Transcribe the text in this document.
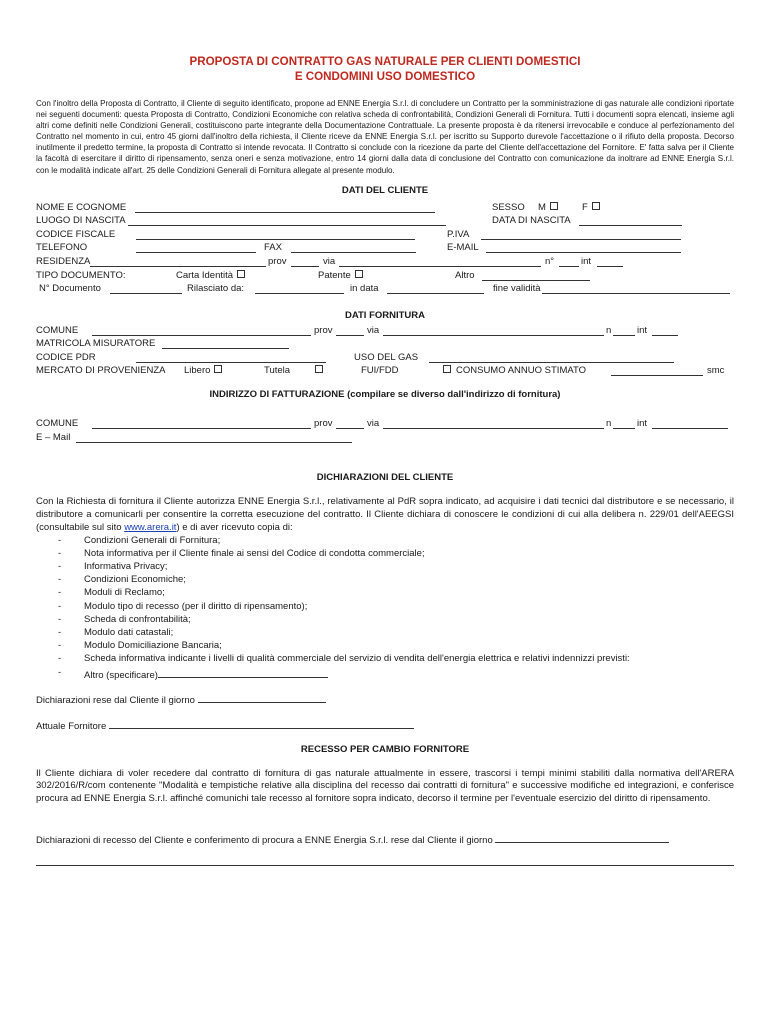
PROPOSTA DI CONTRATTO GAS NATURALE PER CLIENTI DOMESTICI
E CONDOMINI USO DOMESTICO
Con l'inoltro della Proposta di Contratto, il Cliente di seguito identificato, propone ad ENNE Energia S.r.l. di concludere un Contratto per la somministrazione di gas naturale alle condizioni riportate nei seguenti documenti: questa Proposta di Contratto, Condizioni Economiche con relativa scheda di confrontabilità, Condizioni Generali di Fornitura. Tutti i documenti sopra elencati, insieme agli altri come definiti nelle Condizioni Generali, costituiscono parte integrante della Documentazione Contrattuale. La presente proposta è da ritenersi irrevocabile e conduce al perfezionamento del Contratto nel momento in cui, entro 45 giorni dall'inoltro della richiesta, il Cliente riceve da ENNE Energia S.r.l. per iscritto su Supporto durevole l'accettazione o il rifiuto della proposta. Decorso inutilmente il predetto termine, la proposta di Contratto si intende revocata. Il Contratto si conclude con la ricezione da parte del Cliente dell'accettazione del Fornitore. E' fatta salva per il Cliente la facoltà di esercitare il diritto di ripensamento, senza oneri e senza motivazione, entro 14 giorni dalla data di conclusione del Contratto con comunicazione da inoltrare ad ENNE Energia S.r.l. con le modalità indicate all'art. 25 delle Condizioni Generali di Fornitura allegate al presente modulo.
DATI DEL CLIENTE
NOME E COGNOME	SESSO M	F
LUOGO DI NASCITA	DATA DI NASCITA
CODICE FISCALE	P.IVA
TELEFONO	FAX	E-MAIL
RESIDENZA	prov	via	n°	int
TIPO DOCUMENTO:	Carta Identità	Patente	Altro
N° Documento	Rilasciato da:	in data	fine validità
DATI FORNITURA
COMUNE	prov	via	n	int
MATRICOLA MISURATORE
CODICE PDR	USO DEL GAS
MERCATO DI PROVENIENZA Libero	Tutela	FUI/FDD	CONSUMO ANNUO STIMATO	smc
INDIRIZZO DI FATTURAZIONE (compilare se diverso dall'indirizzo di fornitura)
COMUNE	prov	via	n	int
E – Mail
DICHIARAZIONI DEL CLIENTE
Con la Richiesta di fornitura il Cliente autorizza ENNE Energia S.r.l., relativamente al PdR sopra indicato, ad acquisire i dati tecnici dal distributore e se necessario, il distributore a comunicarli per consentire la corretta esecuzione del contratto. Il Cliente dichiara di conoscere le condizioni di cui alla delibera n. 229/01 dell'AEEGSI (consultabile sul sito www.arera.it) e di aver ricevuto copia di:
- Condizioni Generali di Fornitura;
- Nota informativa per il Cliente finale ai sensi del Codice di condotta commerciale;
- Informativa Privacy;
- Condizioni Economiche;
- Moduli di Reclamo;
- Modulo tipo di recesso (per il diritto di ripensamento);
- Scheda di confrontabilità;
- Modulo dati catastali;
- Modulo Domiciliazione Bancaria;
- Scheda informativa indicante i livelli di qualità commerciale del servizio di vendita dell'energia elettrica e relativi indennizzi previsti:
- Altro (specificare)
Dichiarazioni rese dal Cliente il giorno
Attuale Fornitore
RECESSO PER CAMBIO FORNITORE
Il Cliente dichiara di voler recedere dal contratto di fornitura di gas naturale attualmente in essere, trascorsi i tempi minimi stabiliti dalla normativa dell'ARERA 302/2016/R/com contenente "Modalità e tempistiche relative alla disciplina del recesso dai contratti di fornitura" e successive modifiche ed integrazioni, e conferisce procura ad ENNE Energia S.r.l. affinché comunichi tale recesso al fornitore sopra indicato, decorso il termine per l'eventuale esercizio del diritto di ripensamento.
Dichiarazioni di recesso del Cliente e conferimento di procura a ENNE Energia S.r.l. rese dal Cliente il giorno
